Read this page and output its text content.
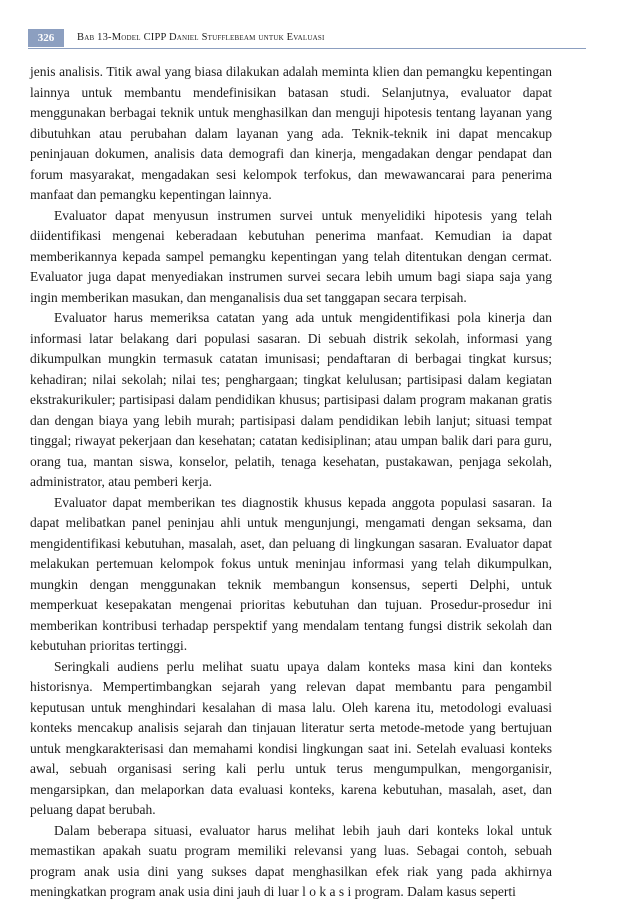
326	Bab 13-Model CIPP Daniel Stufflebeam untuk Evaluasi

jenis analisis. Titik awal yang biasa dilakukan adalah meminta klien dan pemangku kepentingan lainnya untuk membantu mendefinisikan batasan studi. Selanjutnya, evaluator dapat menggunakan berbagai teknik untuk menghasilkan dan menguji hipotesis tentang layanan yang dibutuhkan atau perubahan dalam layanan yang ada. Teknik-teknik ini dapat mencakup peninjauan dokumen, analisis data demografi dan kinerja, mengadakan dengar pendapat dan forum masyarakat, mengadakan sesi kelompok terfokus, dan mewawancarai para penerima manfaat dan pemangku kepentingan lainnya.

Evaluator dapat menyusun instrumen survei untuk menyelidiki hipotesis yang telah diidentifikasi mengenai keberadaan kebutuhan penerima manfaat. Kemudian ia dapat memberikannya kepada sampel pemangku kepentingan yang telah ditentukan dengan cermat. Evaluator juga dapat menyediakan instrumen survei secara lebih umum bagi siapa saja yang ingin memberikan masukan, dan menganalisis dua set tanggapan secara terpisah.

Evaluator harus memeriksa catatan yang ada untuk mengidentifikasi pola kinerja dan informasi latar belakang dari populasi sasaran. Di sebuah distrik sekolah, informasi yang dikumpulkan mungkin termasuk catatan imunisasi; pendaftaran di berbagai tingkat kursus; kehadiran; nilai sekolah; nilai tes; penghargaan; tingkat kelulusan; partisipasi dalam kegiatan ekstrakurikuler; partisipasi dalam pendidikan khusus; partisipasi dalam program makanan gratis dan dengan biaya yang lebih murah; partisipasi dalam pendidikan lebih lanjut; situasi tempat tinggal; riwayat pekerjaan dan kesehatan; catatan kedisiplinan; atau umpan balik dari para guru, orang tua, mantan siswa, konselor, pelatih, tenaga kesehatan, pustakawan, penjaga sekolah, administrator, atau pemberi kerja.

Evaluator dapat memberikan tes diagnostik khusus kepada anggota populasi sasaran. Ia dapat melibatkan panel peninjau ahli untuk mengunjungi, mengamati dengan seksama, dan mengidentifikasi kebutuhan, masalah, aset, dan peluang di lingkungan sasaran. Evaluator dapat melakukan pertemuan kelompok fokus untuk meninjau informasi yang telah dikumpulkan, mungkin dengan menggunakan teknik membangun konsensus, seperti Delphi, untuk memperkuat kesepakatan mengenai prioritas kebutuhan dan tujuan. Prosedur-prosedur ini memberikan kontribusi terhadap perspektif yang mendalam tentang fungsi distrik sekolah dan kebutuhan prioritas tertinggi.

Seringkali audiens perlu melihat suatu upaya dalam konteks masa kini dan konteks historisnya. Mempertimbangkan sejarah yang relevan dapat membantu para pengambil keputusan untuk menghindari kesalahan di masa lalu. Oleh karena itu, metodologi evaluasi konteks mencakup analisis sejarah dan tinjauan literatur serta metode-metode yang bertujuan untuk mengkarakterisasi dan memahami kondisi lingkungan saat ini. Setelah evaluasi konteks awal, sebuah organisasi sering kali perlu untuk terus mengumpulkan, mengorganisir, mengarsipkan, dan melaporkan data evaluasi konteks, karena kebutuhan, masalah, aset, dan peluang dapat berubah.

Dalam beberapa situasi, evaluator harus melihat lebih jauh dari konteks lokal untuk memastikan apakah suatu program memiliki relevansi yang luas. Sebagai contoh, sebuah program anak usia dini yang sukses dapat menghasilkan efek riak yang pada akhirnya meningkatkan program anak usia dini jauh di luar l o k a s i program. Dalam kasus seperti
